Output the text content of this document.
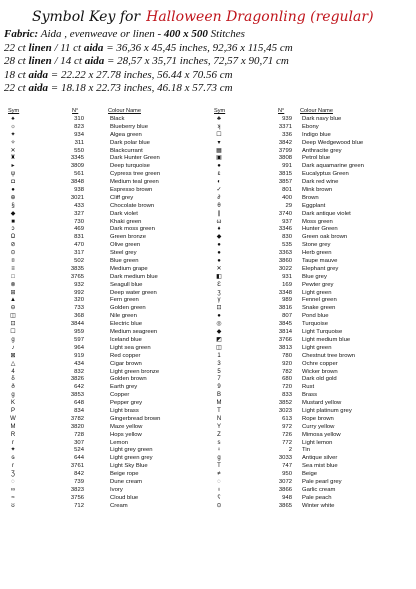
Symbol Key for Halloween Dragonling (regular)
Fabric: Aida , evenweave or linen - 400 x 500 Stitches
22 ct linen / 11 ct aida = 36,36 x 45,45 inches, 92,36 x 115,45 cm
28 ct linen / 14 ct aida = 28,57 x 35,71 inches, 72,57 x 90,71 cm
18 ct aida = 22.22 x 27.78 inches, 56.44 x 70.56 cm
22 ct aida = 18.18 x 22.73 inches, 46.18 x 57.73 cm
Sym	N°	Colour Name
♠	310	Black
☼	823	Blueberry blue
✦	934	Algea green
✧	311	Dark polar blue
✕	550	Blackcurrant
♜	3345	Dark Hunter Green
▸	3809	Deep turquoise
ψ	561	Cypress tree green
◘	3848	Medium teal green
●	938	Espresso brown
⊕	3021	Cliff grey
§	433	Chocolate brown
◆	327	Dark violet
■	730	Khaki green
ɔ	469	Dark moss green
Ω	831	Green bronze
⊘	470	Olive green
⊙	317	Steel grey
¤	502	Blue green
≡	3835	Medium grape
□	3765	Dark medium blue
⊗	932	Seagull blue
⊞	992	Deep water green
▲	320	Fern green
⊖	733	Golden green
◫	368	Nile green
⊡	3844	Electric blue
☐	959	Medium seagreen
ɡ	597	Iceland blue
♪	964	Light sea green
⊠	919	Red copper
△	434	Cigar brown
4	832	Light green bronze
δ	3826	Golden brown
ð	642	Earth grey
g	3853	Copper
K	648	Pepper grey
P	834	Light brass
W	3782	Gingerbread brown
M	3820	Maze yellow
R	728	Hops yellow
r	307	Lemon
✦	524	Light grey green
ɢ	644	Light green grey
r	3761	Light Sky Blue
Ʒ	842	Beige rope
◌	739	Dune cream
∞	3823	Ivory
≈	3756	Cloud blue
ʊ	712	Cream
Sym	N°	Colour Name
♣	939 Dark navy blue
ʞ	3371 Ebony
☐	336 Indigo blue
▾	3842 Deep Wedgewood blue
▦	3799 Anthracite grey
▣	3808 Petrol blue
●	991 Dark aquamarine green
ɛ	3815 Eucalyptus Green
◐	3857 Dark red wine
✓	801 Mink brown
∂	400 Brown
θ	29 Eggplant
∥	3740 Dark antique violet
ω	937 Moss green
♦	3346 Hunter Green
◆	830 Green oak brown
●	535 Stone grey
●	3363 Herb green
●	3860 Taupe mauve
✕	3022 Elephant grey
◧	931 Blue grey
Ɛ	169 Pewter grey
ʒ	3348 Light green
γ	989 Fennel green
⊡	3816 Snake green
●	807 Pond blue
◎	3845 Turquoise
◆	3814 Light Turquoise
◩	3766 Light medium blue
◫	3813 Light green
1	780 Chestnut tree brown
3	920 Ochre copper
5	782 Wicker brown
7	680 Dark old gold
9	720 Rust
B	833 Brass
M	3852 Mustard yellow
T	3023 Light platinum grey
N	613 Rope brown
Y	972 Curry yellow
Z	726 Mimosa yellow
s	772 Light lemon
♀	2 Tin
ɡ	3033 Antique silver
T	747 Sea mist blue
≠	950 Beige
◌	3072 Pale pearl grey
♁	3866 Garlic cream
ʕ	948 Pale peach
⊙	3865 Winter white
